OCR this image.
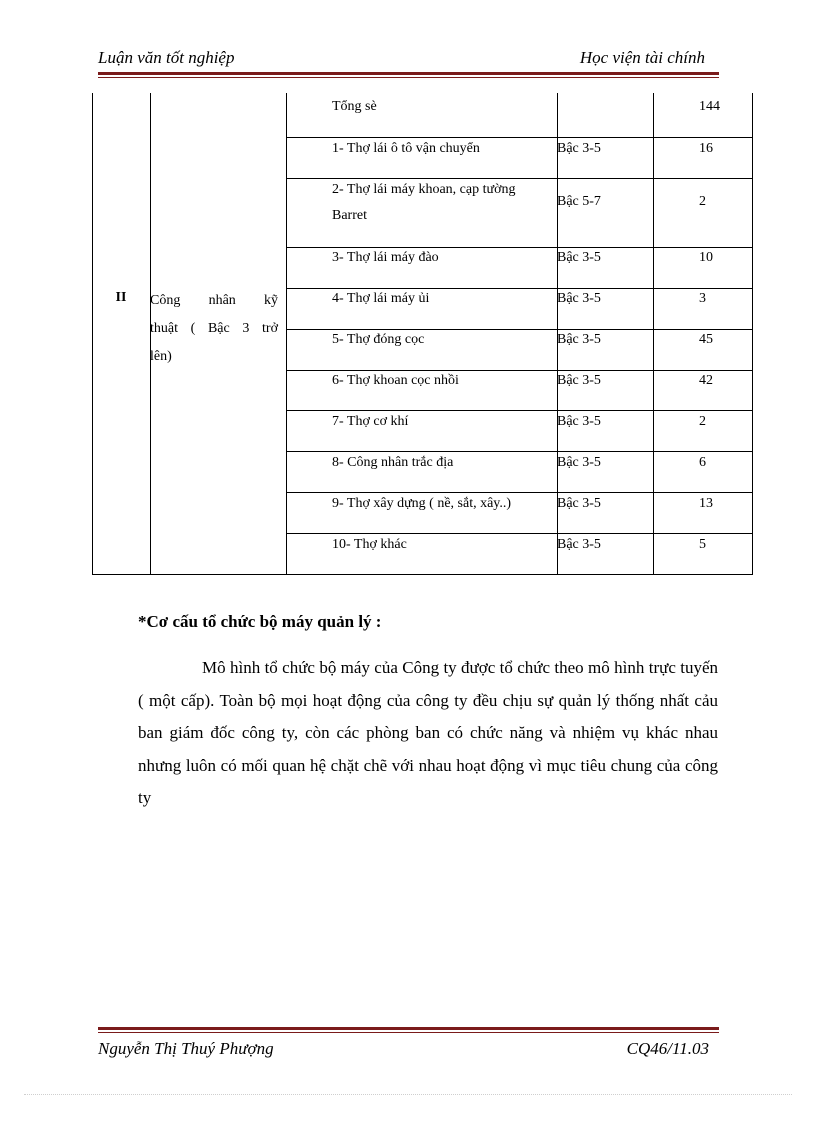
Luận văn tốt nghiệp	Học viện tài chính
II	Công nhân kỹ
thuật ( Bậc 3 trở
lên)
Tổng sè	144
1- Thợ lái ô tô vận chuyển	Bậc 3-5	16
2- Thợ lái máy khoan, cạp tường
Barret
Bậc 5-7	2
3- Thợ lái máy đào	Bậc 3-5	10
4- Thợ lái máy ủi	Bậc 3-5	3
5- Thợ đóng cọc	Bậc 3-5	45
6- Thợ khoan cọc nhồi	Bậc 3-5	42
7- Thợ cơ khí	Bậc 3-5	2
8- Công nhân trắc địa	Bậc 3-5	6
9- Thợ xây dựng ( nề, sắt, xây..)	Bậc 3-5	13
10- Thợ khác	Bậc 3-5	5
*Cơ cấu tổ chức bộ máy quản lý :
Mô hình tổ chức bộ máy của Công ty được tổ chức theo mô hình trực tuyến ( một cấp). Toàn bộ mọi hoạt động của công ty đều chịu sự quản lý thống nhất cảu ban giám đốc công ty, còn các phòng ban có chức năng và nhiệm vụ khác nhau nhưng luôn có mối quan hệ chặt chẽ với nhau hoạt động vì mục tiêu chung của công ty
Nguyễn Thị Thuý Phượng	CQ46/11.03
